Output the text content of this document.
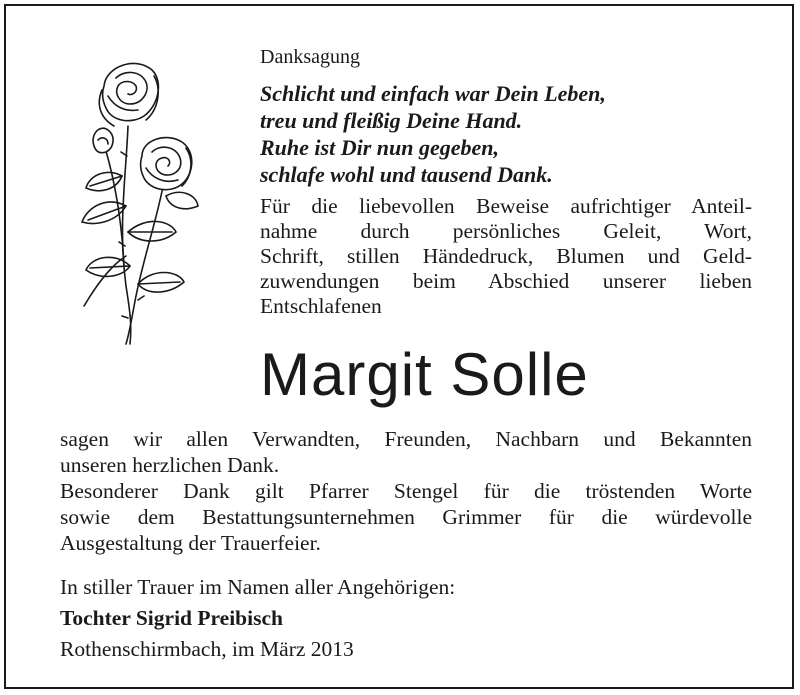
Danksagung
Schlicht und einfach war Dein Leben,
treu und fleißig Deine Hand.
Ruhe ist Dir nun gegeben,
schlafe wohl und tausend Dank.
Für die liebevollen Beweise aufrichtiger Anteil-
nahme durch persönliches Geleit, Wort,
Schrift, stillen Händedruck, Blumen und Geld-
zuwendungen beim Abschied unserer lieben
Entschlafenen
Margit Solle
sagen wir allen Verwandten, Freunden, Nachbarn und Bekannten
unseren herzlichen Dank.
Besonderer Dank gilt Pfarrer Stengel für die tröstenden Worte
sowie dem Bestattungsunternehmen Grimmer für die würdevolle
Ausgestaltung der Trauerfeier.
In stiller Trauer im Namen aller Angehörigen:
Tochter Sigrid Preibisch
Rothenschirmbach, im März 2013
